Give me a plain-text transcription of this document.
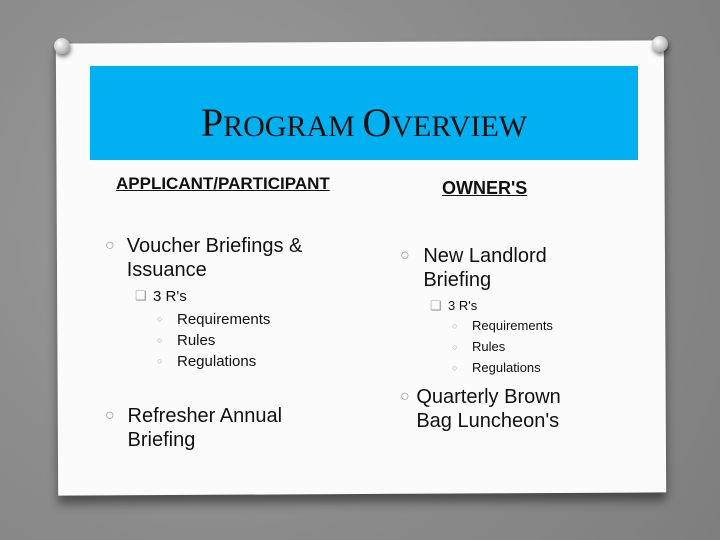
PROGRAM OVERVIEW
APPLICANT/PARTICIPANT	OWNER'S
○ Voucher Briefings & Issuance
❑ 3 R's
○ Requirements
○ Rules
○ Regulations
○ Refresher Annual Briefing
○ New Landlord Briefing
❑ 3 R's
○	Requirements
○	Rules
○	Regulations
○ Quarterly Brown Bag Luncheon's
